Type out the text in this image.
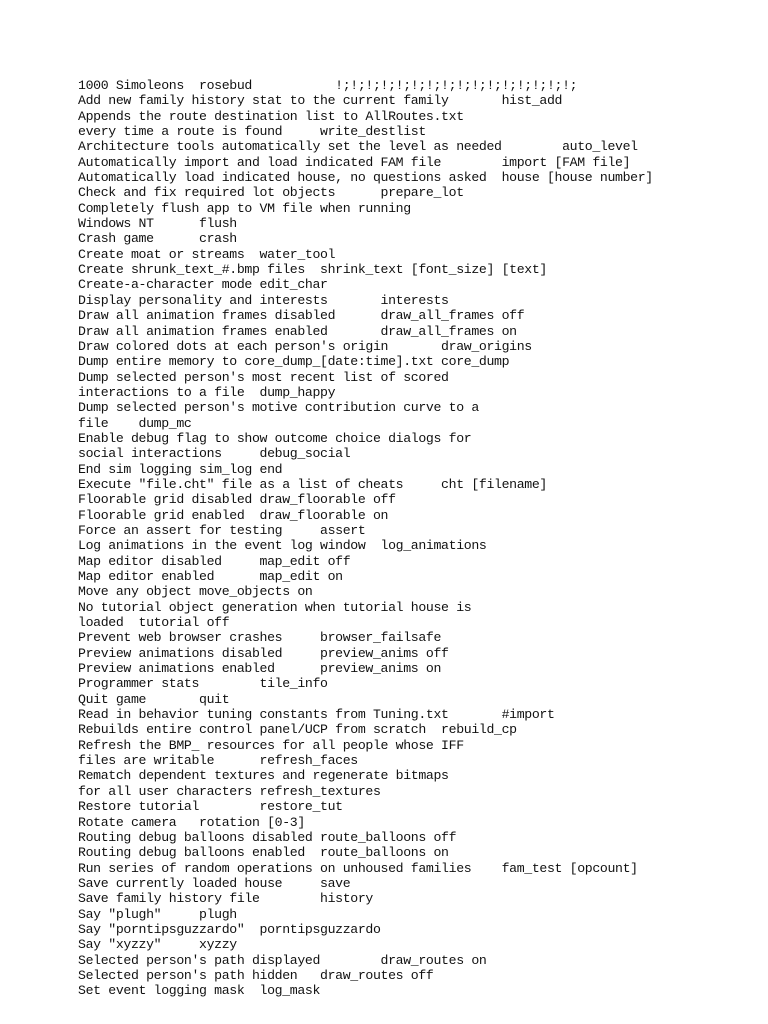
1000 Simoleons  rosebud           !;!;!;!;!;!;!;!;!;!;!;!;!;!;!;!;
Add new family history stat to the current family       hist_add
Appends the route destination list to AllRoutes.txt
every time a route is found     write_destlist
Architecture tools automatically set the level as needed        auto_level
Automatically import and load indicated FAM file        import [FAM file]
Automatically load indicated house, no questions asked  house [house number]
Check and fix required lot objects      prepare_lot
Completely flush app to VM file when running
Windows NT      flush
Crash game      crash
Create moat or streams  water_tool
Create shrunk_text_#.bmp files  shrink_text [font_size] [text]
Create-a-character mode edit_char
Display personality and interests       interests
Draw all animation frames disabled      draw_all_frames off
Draw all animation frames enabled       draw_all_frames on
Draw colored dots at each person's origin       draw_origins
Dump entire memory to core_dump_[date:time].txt core_dump
Dump selected person's most recent list of scored
interactions to a file  dump_happy
Dump selected person's motive contribution curve to a
file    dump_mc
Enable debug flag to show outcome choice dialogs for
social interactions     debug_social
End sim logging sim_log end
Execute "file.cht" file as a list of cheats     cht [filename]
Floorable grid disabled draw_floorable off
Floorable grid enabled  draw_floorable on
Force an assert for testing     assert
Log animations in the event log window  log_animations
Map editor disabled     map_edit off
Map editor enabled      map_edit on
Move any object move_objects on
No tutorial object generation when tutorial house is
loaded  tutorial off
Prevent web browser crashes     browser_failsafe
Preview animations disabled     preview_anims off
Preview animations enabled      preview_anims on
Programmer stats        tile_info
Quit game       quit
Read in behavior tuning constants from Tuning.txt       #import
Rebuilds entire control panel/UCP from scratch  rebuild_cp
Refresh the BMP_ resources for all people whose IFF
files are writable      refresh_faces
Rematch dependent textures and regenerate bitmaps
for all user characters refresh_textures
Restore tutorial        restore_tut
Rotate camera   rotation [0-3]
Routing debug balloons disabled route_balloons off
Routing debug balloons enabled  route_balloons on
Run series of random operations on unhoused families    fam_test [opcount]
Save currently loaded house     save
Save family history file        history
Say "plugh"     plugh
Say "porntipsguzzardo"  porntipsguzzardo
Say "xyzzy"     xyzzy
Selected person's path displayed        draw_routes on
Selected person's path hidden   draw_routes off
Set event logging mask  log_mask
